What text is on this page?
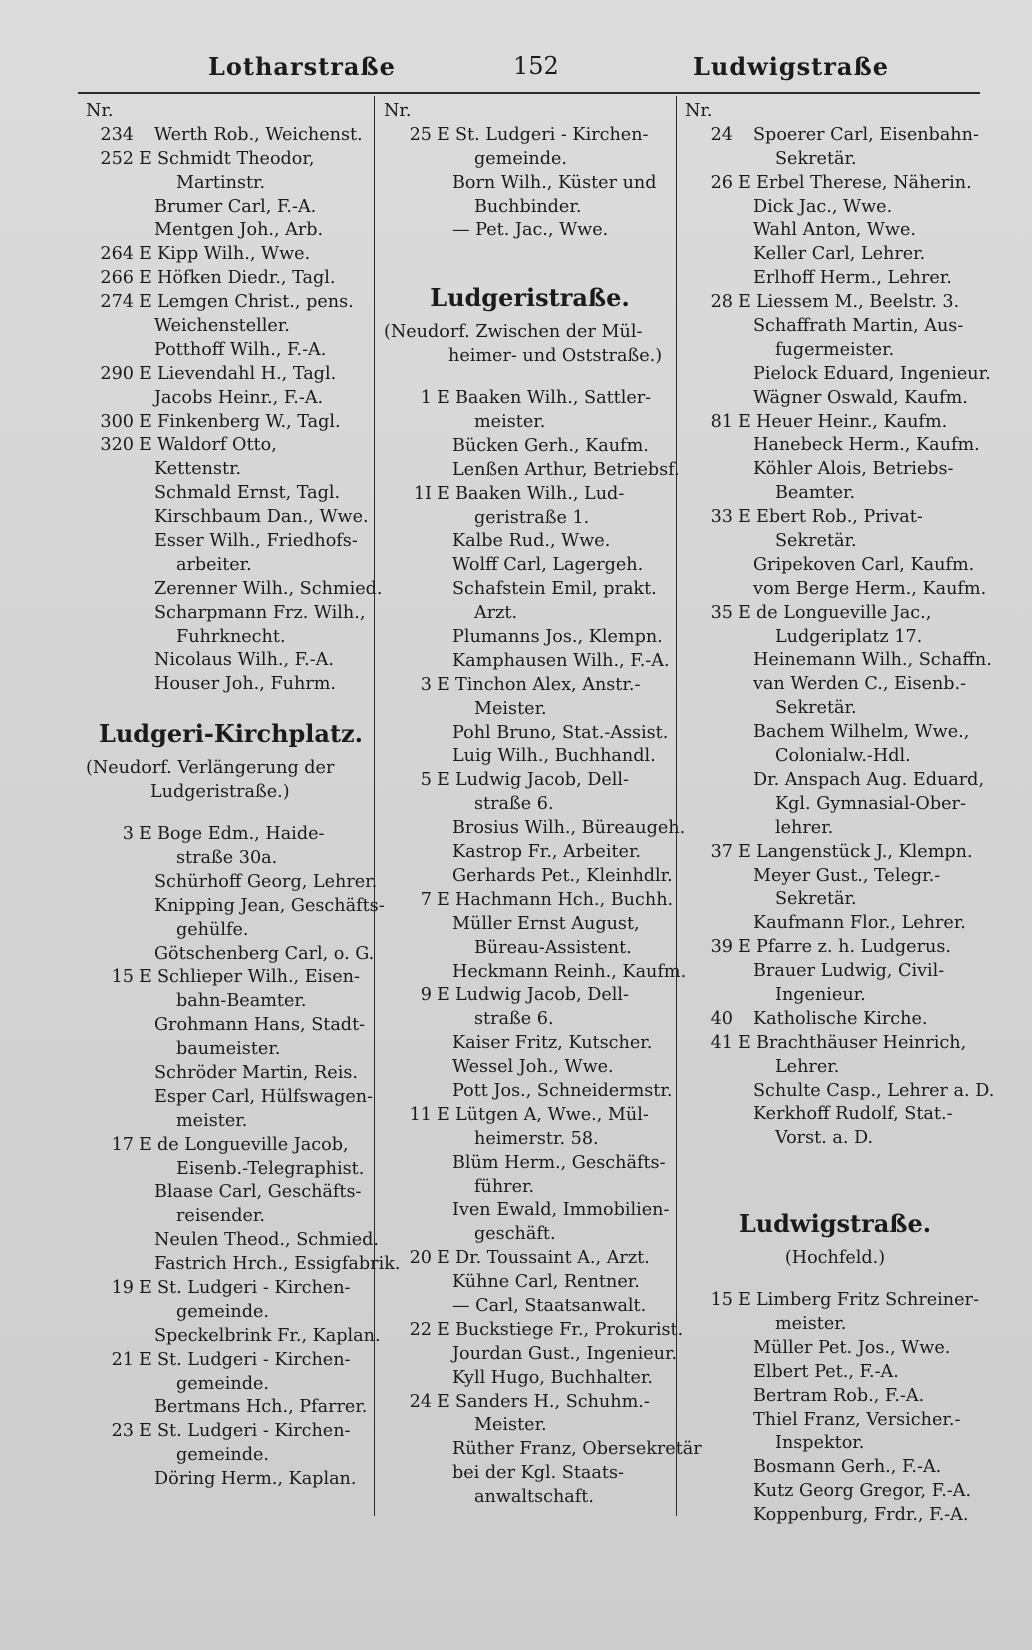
Lotharstraße	152	Ludwigstraße
Nr.
234 Werth Rob., Weichenst.
252 E Schmidt Theodor,
Martinstr.
Brumer Carl, F.-A.
Mentgen Joh., Arb.
264 E Kipp Wilh., Wwe.
266 E Höfken Diedr., Tagl.
274 E Lemgen Christ., pens.
Weichensteller.
Potthoff Wilh., F.-A.
290 E Lievendahl H., Tagl.
Jacobs Heinr., F.-A.
300 E Finkenberg W., Tagl.
320 E Waldorf Otto,
Kettenstr.
Schmald Ernst, Tagl.
Kirschbaum Dan., Wwe.
Esser Wilh., Friedhofs-
arbeiter.
Zerenner Wilh., Schmied.
Scharpmann Frz. Wilh.,
Fuhrknecht.
Nicolaus Wilh., F.-A.
Houser Joh., Fuhrm.
Ludgeri-Kirchplatz.
(Neudorf. Verlängerung der
Ludgeristraße.)
3 E Boge Edm., Haide-
straße 30a.
Schürhoff Georg, Lehrer.
Knipping Jean, Geschäfts-
gehülfe.
Götschenberg Carl, o. G.
15 E Schlieper Wilh., Eisen-
bahn-Beamter.
Grohmann Hans, Stadt-
baumeister.
Schröder Martin, Reis.
Esper Carl, Hülfswagen-
meister.
17 E de Longueville Jacob,
Eisenb.-Telegraphist.
Blaase Carl, Geschäfts-
reisender.
Neulen Theod., Schmied.
Fastrich Hrch., Essigfabrik.
19 E St. Ludgeri - Kirchen-
gemeinde.
Speckelbrink Fr., Kaplan.
21 E St. Ludgeri - Kirchen-
gemeinde.
Bertmans Hch., Pfarrer.
23 E St. Ludgeri - Kirchen-
gemeinde.
Döring Herm., Kaplan.
Nr.
25 E St. Ludgeri - Kirchen-
gemeinde.
Born Wilh., Küster und
Buchbinder.
— Pet. Jac., Wwe.
Ludgeristraße.
(Neudorf. Zwischen der Mül-
heimer- und Oststraße.)
1 E Baaken Wilh., Sattler-
meister.
Bücken Gerh., Kaufm.
Lenßen Arthur, Betriebsf.
1I E Baaken Wilh., Lud-
geristraße 1.
Kalbe Rud., Wwe.
Wolff Carl, Lagergeh.
Schafstein Emil, prakt.
Arzt.
Plumanns Jos., Klempn.
Kamphausen Wilh., F.-A.
3 E Tinchon Alex, Anstr.-
Meister.
Pohl Bruno, Stat.-Assist.
Luig Wilh., Buchhandl.
5 E Ludwig Jacob, Dell-
straße 6.
Brosius Wilh., Büreaugeh.
Kastrop Fr., Arbeiter.
Gerhards Pet., Kleinhdlr.
7 E Hachmann Hch., Buchh.
Müller Ernst August,
Büreau-Assistent.
Heckmann Reinh., Kaufm.
9 E Ludwig Jacob, Dell-
straße 6.
Kaiser Fritz, Kutscher.
Wessel Joh., Wwe.
Pott Jos., Schneidermstr.
11 E Lütgen A, Wwe., Mül-
heimerstr. 58.
Blüm Herm., Geschäfts-
führer.
Iven Ewald, Immobilien-
geschäft.
20 E Dr. Toussaint A., Arzt.
Kühne Carl, Rentner.
— Carl, Staatsanwalt.
22 E Buckstiege Fr., Prokurist.
Jourdan Gust., Ingenieur.
Kyll Hugo, Buchhalter.
24 E Sanders H., Schuhm.-
Meister.
Rüther Franz, Obersekretär
bei der Kgl. Staats-
anwaltschaft.
Nr.
24 Spoerer Carl, Eisenbahn-
Sekretär.
26 E Erbel Therese, Näherin.
Dick Jac., Wwe.
Wahl Anton, Wwe.
Keller Carl, Lehrer.
Erlhoff Herm., Lehrer.
28 E Liessem M., Beelstr. 3.
Schaffrath Martin, Aus-
fugermeister.
Pielock Eduard, Ingenieur.
Wägner Oswald, Kaufm.
81 E Heuer Heinr., Kaufm.
Hanebeck Herm., Kaufm.
Köhler Alois, Betriebs-
Beamter.
33 E Ebert Rob., Privat-
Sekretär.
Gripekoven Carl, Kaufm.
vom Berge Herm., Kaufm.
35 E de Longueville Jac.,
Ludgeriplatz 17.
Heinemann Wilh., Schaffn.
van Werden C., Eisenb.-
Sekretär.
Bachem Wilhelm, Wwe.,
Colonialw.-Hdl.
Dr. Anspach Aug. Eduard,
Kgl. Gymnasial-Ober-
lehrer.
37 E Langenstück J., Klempn.
Meyer Gust., Telegr.-
Sekretär.
Kaufmann Flor., Lehrer.
39 E Pfarre z. h. Ludgerus.
Brauer Ludwig, Civil-
Ingenieur.
40 Katholische Kirche.
41 E Brachthäuser Heinrich,
Lehrer.
Schulte Casp., Lehrer a. D.
Kerkhoff Rudolf, Stat.-
Vorst. a. D.
Ludwigstraße.
(Hochfeld.)
15 E Limberg Fritz Schreiner-
meister.
Müller Pet. Jos., Wwe.
Elbert Pet., F.-A.
Bertram Rob., F.-A.
Thiel Franz, Versicher.-
Inspektor.
Bosmann Gerh., F.-A.
Kutz Georg Gregor, F.-A.
Koppenburg, Frdr., F.-A.
